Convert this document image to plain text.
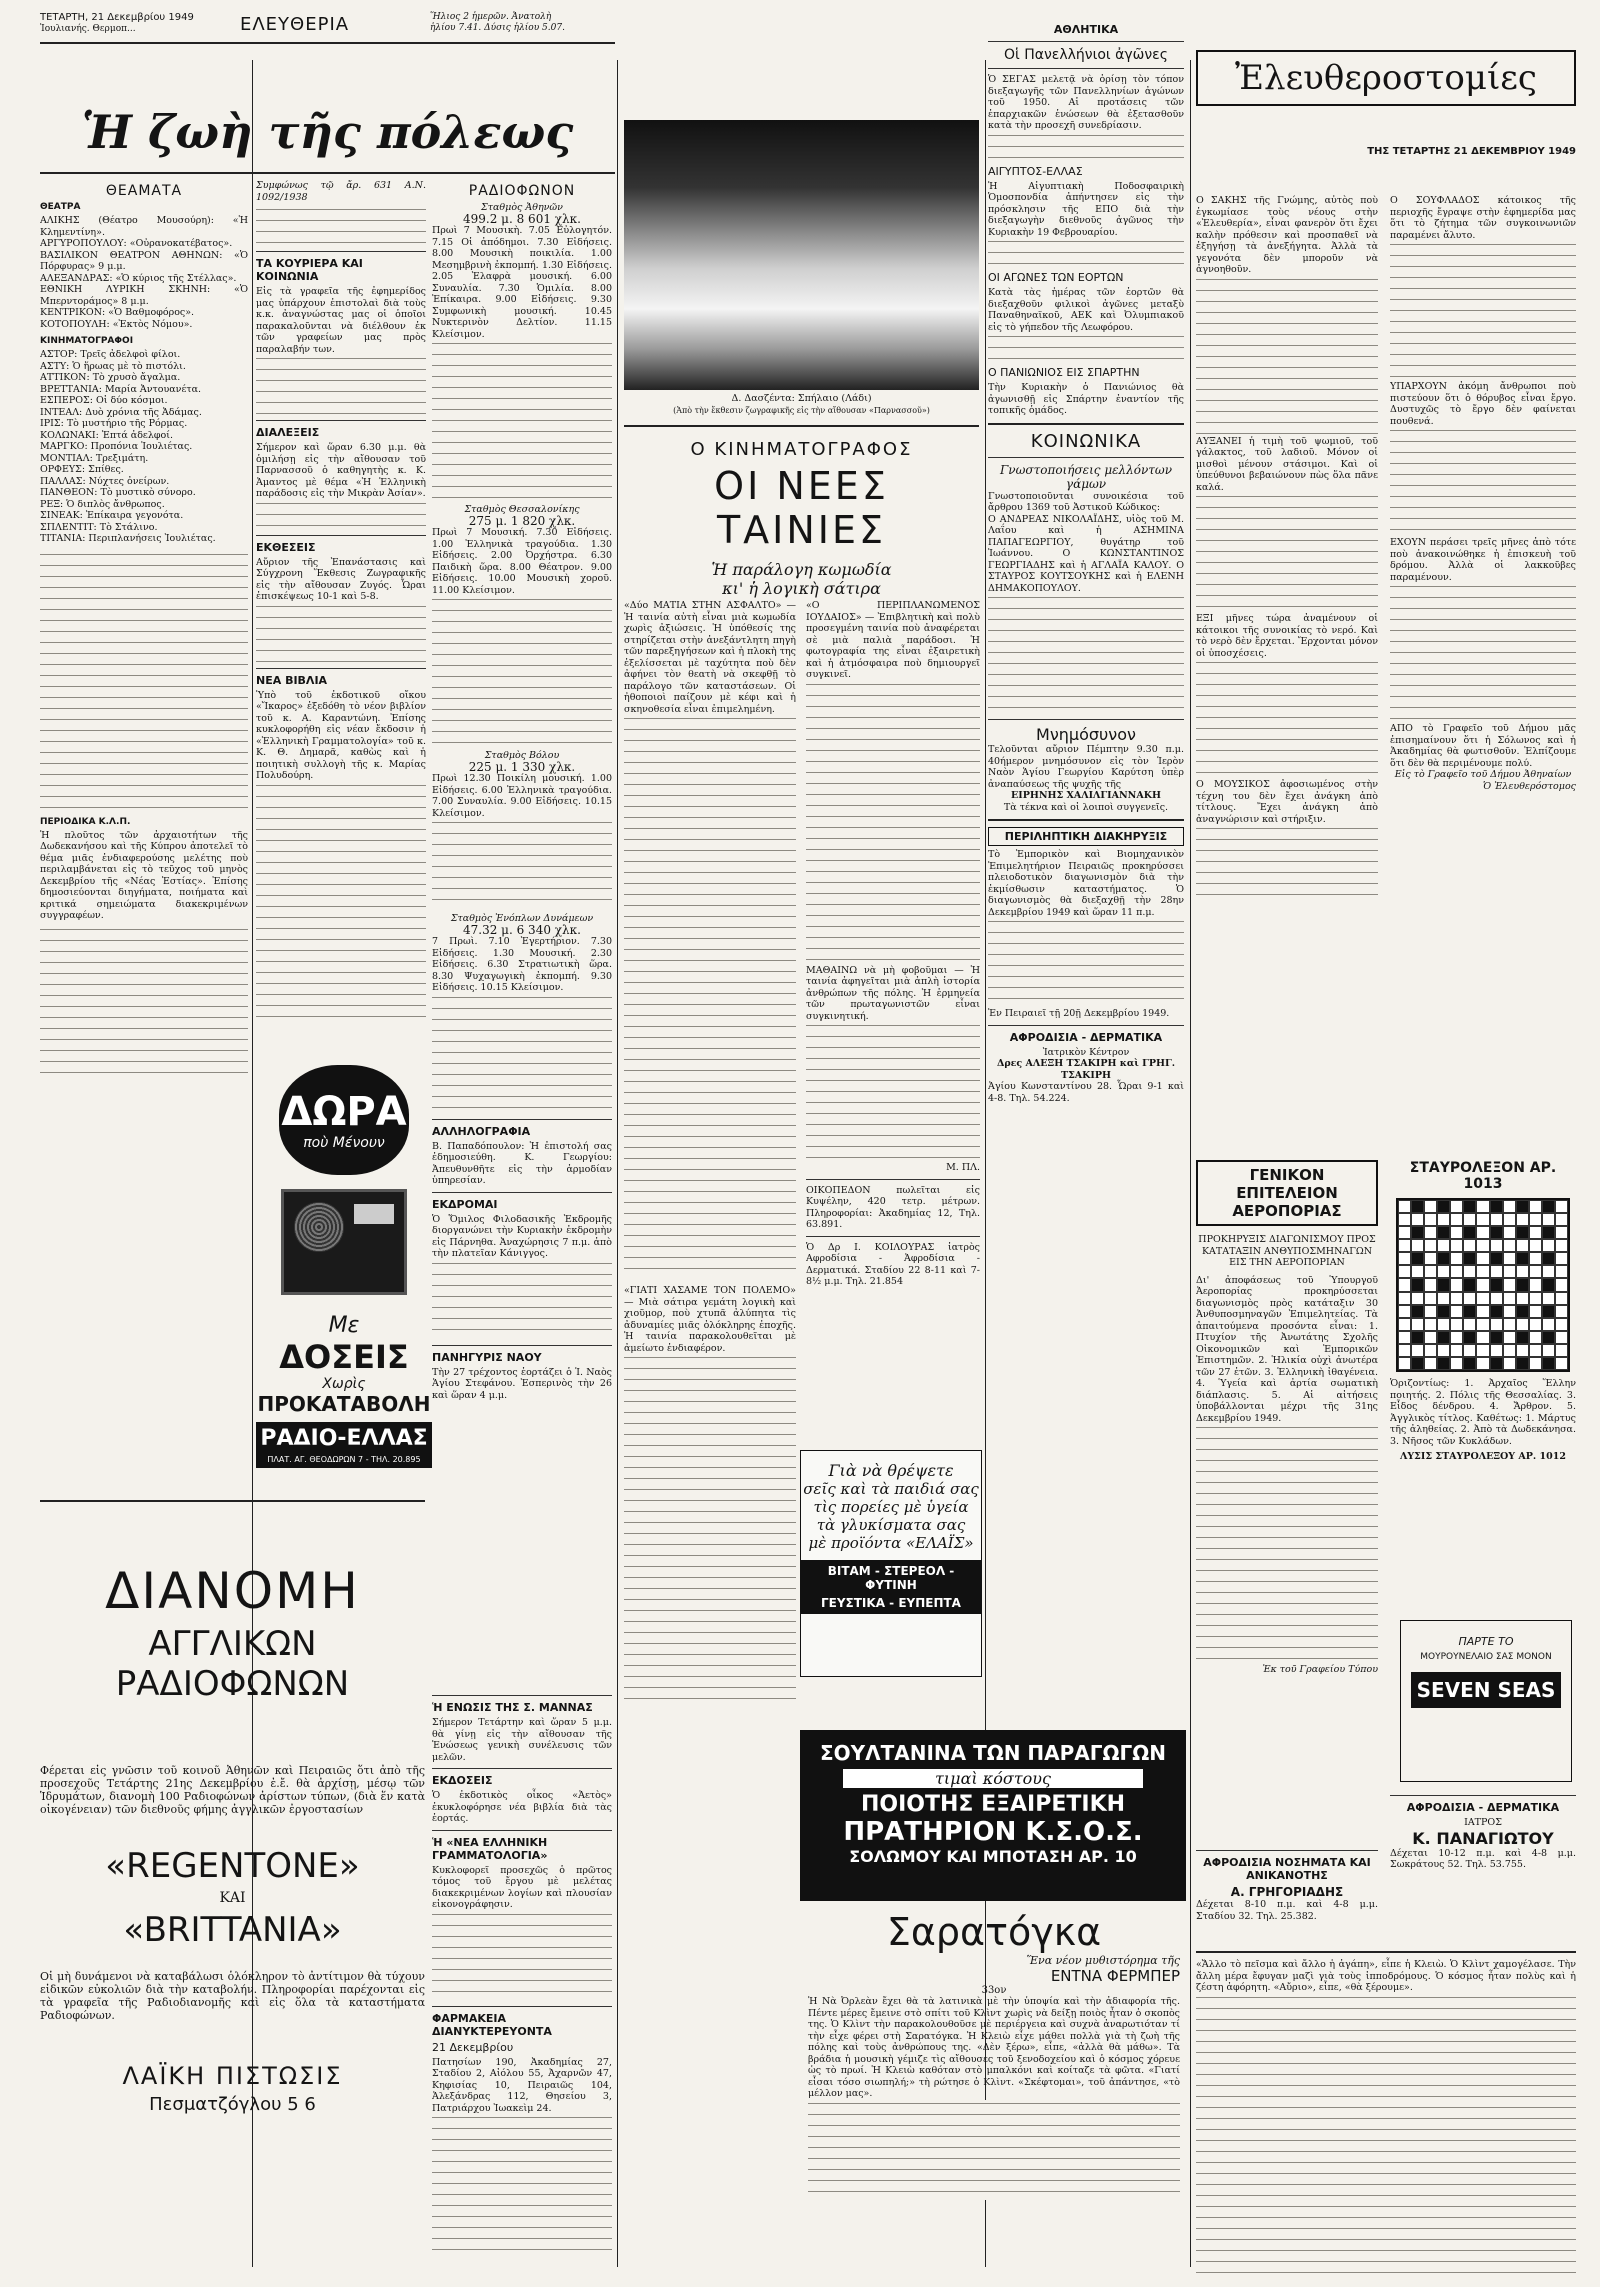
ΤΕΤΑΡΤΗ, 21 Δεκεμβρίου 1949
Ἰουλιανής. Θερμοπ...	ΕΛΕΥΘΕΡΙΑ	Ἥλιος 2 ἡμερῶν. Ἀνατολὴ
ἡλίου 7.41. Δύσις ἡλίου 5.07.
Ἡ ζωὴ τῆς πόλεως
ΘΕΑΜΑΤΑ
ΘΕΑΤΡΑ

ΑΛΙΚΗΣ (Θέατρο Μουσούρη): «Ἡ Κλημεντίνη».

ΑΡΓΥΡΟΠΟΥΛΟΥ: «Οὐρανοκατέβατος».

ΒΑΣΙΛΙΚΟΝ ΘΕΑΤΡΟΝ ΑΘΗΝΩΝ: «Ὁ Πόρφυρας» 9 μ.μ.

ΑΛΕΞΑΝΔΡΑΣ: «Ὁ κύριος τῆς Στέλλας».

ΕΘΝΙΚΗ ΛΥΡΙΚΗ ΣΚΗΝΗ: «Ὁ Μπερντοράμος» 8 μ.μ.

ΚΕΝΤΡΙΚΟΝ: «Ὁ Βαθμοφόρος».

ΚΟΤΟΠΟΥΛΗ: «Ἐκτὸς Νόμου».

ΚΙΝΗΜΑΤΟΓΡΑΦΟΙ

ΑΣΤΟΡ: Τρεῖς ἀδελφοὶ φίλοι.

ΑΣΤΥ: Ὁ ἥρωας μὲ τὸ πιστόλι.

ΑΤΤΙΚΟΝ: Τὸ χρυσὸ ἄγαλμα.

ΒΡΕΤΤΑΝΙΑ: Μαρία Ἀντουανέτα.

ΕΣΠΕΡΟΣ: Οἱ δύο κόσμοι.

ΙΝΤΕΑΛ: Δυὸ χρόνια τῆς Ἀδάμας.

ΙΡΙΣ: Τὸ μυστήριο τῆς Ρόρμας.

ΚΟΛΩΝΑΚΙ: Ἑπτά ἀδελφοί.

ΜΑΡΓΚΟ: Προπόνια Ἰουλιέτας.

ΜΟΝΤΙΑΛ: Τρεξιμάτη.

ΟΡΦΕΥΣ: Σπίθες.

ΠΑΛΛΑΣ: Νύχτες ὀνείρων.

ΠΑΝΘΕΟΝ: Τὸ μυστικὸ σύνορο.

ΡΕΞ: Ὁ διπλὸς ἄνθρωπος.

ΣΙΝΕΑΚ: Ἐπίκαιρα γεγονότα.

ΣΠΛΕΝΤΙΤ: Τὸ Στάλινο.

ΤΙΤΑΝΙΑ: Περιπλανήσεις Ἰουλιέτας.

ΠΕΡΙΟΔΙΚΑ Κ.Λ.Π.

Ἡ πλοῦτος τῶν ἀρχαιοτήτων τῆς Δωδεκανήσου καὶ τῆς Κύπρου ἀποτελεῖ τὸ θέμα μιᾶς ἐνδιαφερούσης μελέτης ποὺ περιλαμβάνεται εἰς τὸ τεῦχος τοῦ μηνὸς Δεκεμβρίου τῆς «Νέας Ἑστίας». Ἐπίσης δημοσιεύονται διηγήματα, ποιήματα καὶ κριτικά σημειώματα διακεκριμένων συγγραφέων.

Συμφώνως τῷ ἄρ. 631 Α.Ν. 1092/1938

ΤΑ ΚΟΥΡΙΕΡΑ ΚΑΙ ΚΟΙΝΩΝΙΑ

Εἰς τὰ γραφεῖα τῆς ἐφημερίδος μας ὑπάρχουν ἐπιστολαὶ διὰ τοὺς κ.κ. ἀναγνώστας μας οἱ ὁποῖοι παρακαλοῦνται νὰ διέλθουν ἐκ τῶν γραφείων μας πρὸς παραλαβήν των.

ΔΙΑΛΕΞΕΙΣ

Σήμερον καὶ ὥραν 6.30 μ.μ. θὰ ὁμιλήσῃ εἰς τὴν αἴθουσαν τοῦ Παρνασσοῦ ὁ καθηγητὴς κ. Κ. Ἀμαντος μὲ θέμα «Ἡ Ἑλληνικὴ παράδοσις εἰς τὴν Μικρὰν Ἀσίαν».

ΕΚΘΕΣΕΙΣ

Αὔριον τῆς Ἐπανάστασις καὶ Σύγχρονη Ἕκθεσις Ζωγραφικῆς εἰς τὴν αἴθουσαν Ζυγός. Ὧραι ἐπισκέψεως 10-1 καὶ 5-8.

ΝΕΑ ΒΙΒΛΙΑ

Ὑπὸ τοῦ ἐκδοτικοῦ οἴκου «Ἴκαρος» ἐξεδόθη τὸ νέον βιβλίον τοῦ κ. Α. Καραντώνη. Ἐπίσης κυκλοφορήθη εἰς νέαν ἔκδοσιν ἡ «Ἑλληνικὴ Γραμματολογία» τοῦ κ. Κ. Θ. Δημαρᾶ, καθὼς καὶ ἡ ποιητικὴ συλλογὴ τῆς κ. Μαρίας Πολυδούρη.

ΔΩΡΑ
ποὺ Μένουν
Με
ΔΟΣΕΙΣ
Χωρὶς
ΠΡΟΚΑΤΑΒΟΛΗ
ΡΑΔΙΟ-ΕΛΛΑΣ
ΠΛΑΤ. ΑΓ. ΘΕΟΔΩΡΩΝ 7 - ΤΗΛ. 20.895
ΡΑΔΙΟΦΩΝΟΝ
Σταθμὸς Ἀθηνῶν
499.2 μ. 8 601 χλκ.

Πρωὶ 7 Μουσικὴ. 7.05 Εὐλογητόν. 7.15 Οἱ ἀπόδημοι. 7.30 Εἰδήσεις. 8.00 Μουσικὴ ποικιλία. 1.00 Μεσημβρινὴ ἐκπομπή. 1.30 Εἰδήσεις. 2.05 Ἐλαφρὰ μουσική. 6.00 Συναυλία. 7.30 Ὁμιλία. 8.00 Ἐπίκαιρα. 9.00 Εἰδήσεις. 9.30 Συμφωνικὴ μουσική. 10.45 Νυκτερινὸν Δελτίον. 11.15 Κλείσιμον.

Σταθμὸς Θεσσαλονίκης
275 μ. 1 820 χλκ.

Πρωὶ 7 Μουσική. 7.30 Εἰδήσεις. 1.00 Ἐλληνικὰ τραγούδια. 1.30 Εἰδήσεις. 2.00 Ὀρχήστρα. 6.30 Παιδικὴ ὥρα. 8.00 Θέατρον. 9.00 Εἰδήσεις. 10.00 Μουσικὴ χοροῦ. 11.00 Κλείσιμον.

Σταθμὸς Βόλου
225 μ. 1 330 χλκ.

Πρωὶ 12.30 Ποικίλη μουσική. 1.00 Εἰδήσεις. 6.00 Ἑλληνικὰ τραγούδια. 7.00 Συναυλία. 9.00 Εἰδήσεις. 10.15 Κλείσιμον.

Σταθμὸς Ἐνόπλων Δυνάμεων
47.32 μ. 6 340 χλκ.

7 Πρωὶ. 7.10 Ἐγερτήριον. 7.30 Εἰδήσεις. 1.30 Μουσική. 2.30 Εἰδήσεις. 6.30 Στρατιωτικὴ ὥρα. 8.30 Ψυχαγωγικὴ ἐκπομπή. 9.30 Εἰδήσεις. 10.15 Κλείσιμον.

ΑΛΛΗΛΟΓΡΑΦΙΑ

Β. Παπαδόπουλον: Ἡ ἐπιστολή σας ἐδημοσιεύθη. Κ. Γεωργίου: Ἀπευθυνθῆτε εἰς τὴν ἁρμοδίαν ὑπηρεσίαν.

ΕΚΔΡΟΜΑΙ

Ὁ Ὅμιλος Φιλοδασικῆς Ἐκδρομῆς διοργανώνει τὴν Κυριακὴν ἐκδρομὴν εἰς Πάρνηθα. Ἀναχώρησις 7 π.μ. ἀπὸ τὴν πλατεῖαν Κάνιγγος.

ΠΑΝΗΓΥΡΙΣ ΝΑΟΥ

Τὴν 27 τρέχοντος ἑορτάζει ὁ Ἱ. Ναὸς Ἁγίου Στεφάνου. Ἐσπερινὸς τὴν 26 καὶ ὥραν 4 μ.μ.

Ἡ ΕΝΩΣΙΣ ΤΗΣ Σ. ΜΑΝΝΑΣ

Σήμερον Τετάρτην καὶ ὥραν 5 μ.μ. θὰ γίνῃ εἰς τὴν αἴθουσαν τῆς Ἑνώσεως γενικὴ συνέλευσις τῶν μελῶν.

ΕΚΔΟΣΕΙΣ

Ὁ ἐκδοτικὸς οἶκος «Ἀετὸς» ἐκυκλοφόρησε νέα βιβλία διὰ τὰς ἑορτάς.

Ἡ «ΝΕΑ ΕΛΛΗΝΙΚΗ ΓΡΑΜΜΑΤΟΛΟΓΙΑ»

Κυκλοφορεῖ προσεχῶς ὁ πρῶτος τόμος τοῦ ἔργου μὲ μελέτας διακεκριμένων λογίων καὶ πλουσίαν εἰκονογράφησιν.

ΦΑΡΜΑΚΕΙΑ ΔΙΑΝΥΚΤΕΡΕΥΟΝΤΑ
21 Δεκεμβρίου

Πατησίων 190, Ἀκαδημίας 27, Σταδίου 2, Αἰόλου 55, Ἀχαρνῶν 47, Κηφισίας 10, Πειραιῶς 104, Ἀλεξάνδρας 112, Θησείου 3, Πατριάρχου Ἰωακεὶμ 24.

ΔΙΑΝΟΜΗ
ΑΓΓΛΙΚΩΝ ΡΑΔΙΟΦΩΝΩΝ

Φέρεται εἰς γνῶσιν τοῦ κοινοῦ Ἀθηνῶν καὶ Πειραιῶς ὅτι ἀπὸ τῆς προσεχοῦς Τετάρτης 21ης Δεκεμβρίου ἐ.ἔ. θὰ ἀρχίσῃ, μέσῳ τῶν Ἱδρυμάτων, διανομὴ 100 Ραδιοφώνων ἀρίστων τύπων, (διὰ ἕν κατὰ οἰκογένειαν) τῶν διεθνοῦς φήμης ἀγγλικῶν ἐργοστασίων

«REGENTONE»
ΚΑΙ
«BRITTANIA»

Οἱ μὴ δυνάμενοι νὰ καταβάλωσι ὁλόκληρον τὸ ἀντίτιμον θὰ τύχουν εἰδικῶν εὐκολιῶν διὰ τὴν καταβολήν. Πληροφορίαι παρέχονται εἰς τὰ γραφεῖα τῆς Ραδιοδιανομῆς καὶ εἰς ὅλα τὰ καταστήματα Ραδιοφώνων.

ΛΑΪΚΗ ΠΙΣΤΩΣΙΣ
Πεσματζόγλου 5 6
Δ. Δασζέντα: Σπήλαιο (Λάδι)
(Ἀπὸ τὴν ἔκθεσιν ζωγραφικῆς εἰς τὴν αἴθουσαν «Παρνασσοῦ»)
Ο ΚΙΝΗΜΑΤΟΓΡΑΦΟΣ
ΟΙ ΝΕΕΣ ΤΑΙΝΙΕΣ
Ἡ παράλογη κωμωδία
κι' ἡ λογικὴ σάτιρα

«Δύο ΜΑΤΙΑ ΣΤΗΝ ΑΣΦΑΛΤΟ» — Ἡ ταινία αὐτὴ εἶναι μιὰ κωμωδία χωρὶς ἀξιώσεις. Ἡ ὑπόθεσίς της στηρίζεται στὴν ἀνεξάντλητη πηγὴ τῶν παρεξηγήσεων καὶ ἡ πλοκὴ της ἐξελίσσεται μὲ ταχύτητα ποὺ δὲν ἀφήνει τὸν θεατὴ νὰ σκεφθῇ τὸ παράλογο τῶν καταστάσεων. Οἱ ἠθοποιοὶ παίζουν μὲ κέφι καὶ ἡ σκηνοθεσία εἶναι ἐπιμελημένη.

«Ο ΠΕΡΙΠΛΑΝΩΜΕΝΟΣ ΙΟΥΔΑΙΟΣ» — Ἐπιβλητικὴ καὶ πολὺ προσεγμένη ταινία ποὺ ἀναφέρεται σὲ μιὰ παλιὰ παράδοσι. Ἡ φωτογραφία της εἶναι ἐξαιρετικὴ καὶ ἡ ἀτμόσφαιρα ποὺ δημιουργεῖ συγκινεῖ.

ΜΑΘΑΙΝΩ νὰ μὴ φοβοῦμαι — Ἡ ταινία ἀφηγεῖται μιὰ ἁπλὴ ἱστορία ἀνθρώπων τῆς πόλης. Ἡ ἑρμηνεία τῶν πρωταγωνιστῶν εἶναι συγκινητική.

Μ. ΠΛ.

ΟΙΚΟΠΕΔΟΝ πωλεῖται εἰς Κυψέλην, 420 τετρ. μέτρων. Πληροφορίαι: Ἀκαδημίας 12, Τηλ. 63.891.

Ὁ Δρ Ι. ΚΟΙΛΟΥΡΑΣ ἰατρὸς Αφροδίσια - Ἀφροδίσια - Δερματικά. Σταδίου 22 8-11 καὶ 7-8½ μ.μ. Τηλ. 21.854

«ΓΙΑΤΙ ΧΑΣΑΜΕ ΤΟΝ ΠΟΛΕΜΟ» — Μιὰ σάτιρα γεμάτη λογικὴ καὶ χιοῦμορ, ποὺ χτυπᾶ ἀλύπητα τὶς ἀδυναμίες μιᾶς ὁλόκληρης ἐποχῆς. Ἡ ταινία παρακολουθεῖται μὲ ἀμείωτο ἐνδιαφέρον.

Γιὰ νὰ θρέψετε
σεῖς καὶ τὰ παιδιά σας
τὶς πορείες μὲ ὑγεία
τὰ γλυκίσματα σας
μὲ προϊόντα «ΕΛΑΪΣ»
ΒΙΤΑΜ - ΣΤΕΡΕΟΛ - ΦΥΤΙΝΗ
ΓΕΥΣΤΙΚΑ - ΕΥΠΕΠΤΑ
ΣΟΥΛΤΑΝΙΝΑ ΤΩΝ ΠΑΡΑΓΩΓΩΝ
τιμαὶ κόστους
ΠΟΙΟΤΗΣ ΕΞΑΙΡΕΤΙΚΗ
ΠΡΑΤΗΡΙΟΝ Κ.Σ.Ο.Σ.
ΣΟΛΩΜΟΥ ΚΑΙ ΜΠΟΤΑΣΗ ΑΡ. 10
Σαρατόγκα
Ἕνα νέον μυθιστόρημα τῆς
ΕΝΤΝΑ ΦΕΡΜΠΕΡ
33ον

Ἡ Νὰ Ὀρλεὰν ἔχει θὰ τὰ λατινικὰ μὲ τὴν ὑποψία καὶ τὴν ἀδιαφορία τῆς. Πέντε μέρες ἔμεινε στὸ σπίτι τοῦ Κλὶντ χωρὶς νὰ δείξῃ ποιὸς ἦταν ὁ σκοπὸς της. Ὁ Κλὶντ τὴν παρακολουθοῦσε μὲ περιέργεια καὶ συχνὰ ἀναρωτιόταν τί τὴν εἶχε φέρει στὴ Σαρατόγκα. Ἡ Κλειὼ εἶχε μάθει πολλὰ γιὰ τὴ ζωὴ τῆς πόλης καὶ τοὺς ἀνθρώπους της. «Δὲν ξέρω», εἶπε, «ἀλλὰ θὰ μάθω». Τὰ βράδια ἡ μουσικὴ γέμιζε τὶς αἴθουσες τοῦ ξενοδοχείου καὶ ὁ κόσμος χόρευε ὡς τὸ πρωί. Ἡ Κλειὼ καθόταν στὸ μπαλκόνι καὶ κοίταζε τὰ φῶτα. «Γιατί εἶσαι τόσο σιωπηλή;» τὴ ρώτησε ὁ Κλὶντ. «Σκέφτομαι», τοῦ ἀπάντησε, «τὸ μέλλον μας».

ΑΘΛΗΤΙΚΑ
Οἱ Πανελλήνιοι ἀγῶνες

Ὁ ΣΕΓΑΣ μελετᾷ νὰ ὁρίσῃ τὸν τόπον διεξαγωγῆς τῶν Πανελληνίων ἀγώνων τοῦ 1950. Αἱ προτάσεις τῶν ἐπαρχιακῶν ἑνώσεων θὰ ἐξετασθοῦν κατὰ τὴν προσεχῆ συνεδρίασιν.

ΑΙΓΥΠΤΟΣ-ΕΛΛΑΣ

Ἡ Αἰγυπτιακὴ Ποδοσφαιρικὴ Ὁμοσπονδία ἀπήντησεν εἰς τὴν πρόσκλησιν τῆς ΕΠΟ διὰ τὴν διεξαγωγὴν διεθνοῦς ἀγῶνος τὴν Κυριακὴν 19 Φεβρουαρίου.

ΟΙ ΑΓΩΝΕΣ ΤΩΝ ΕΟΡΤΩΝ

Κατὰ τὰς ἡμέρας τῶν ἑορτῶν θὰ διεξαχθοῦν φιλικοὶ ἀγῶνες μεταξὺ Παναθηναϊκοῦ, ΑΕΚ καὶ Ὀλυμπιακοῦ εἰς τὸ γήπεδον τῆς Λεωφόρου.

Ο ΠΑΝΙΩΝΙΟΣ ΕΙΣ ΣΠΑΡΤΗΝ

Τὴν Κυριακὴν ὁ Πανιώνιος θὰ ἀγωνισθῇ εἰς Σπάρτην ἐναντίον τῆς τοπικῆς ὁμάδος.

ΚΟΙΝΩΝΙΚΑ
Γνωστοποιήσεις μελλόντων γάμων

Γνωστοποιοῦνται συνοικέσια τοῦ ἄρθρου 1369 τοῦ Ἀστικοῦ Κώδικος:

Ο ΑΝΔΡΕΑΣ ΝΙΚΟΛΑΪΔΗΣ, υἱὸς τοῦ Μ. Λαΐου καὶ ἡ ΑΣΗΜΙΝΑ ΠΑΠΑΓΕΩΡΓΙΟΥ, θυγάτηρ τοῦ Ἰωάννου. Ο ΚΩΝΣΤΑΝΤΙΝΟΣ ΓΕΩΡΓΙΑΔΗΣ καὶ ἡ ΑΓΛΑΪΑ ΚΑΛΟΥ. Ο ΣΤΑΥΡΟΣ ΚΟΥΤΣΟΥΚΗΣ καὶ ἡ ΕΛΕΝΗ ΔΗΜΑΚΟΠΟΥΛΟΥ.

Μνημόσυνον

Τελοῦνται αὔριον Πέμπτην 9.30 π.μ. 40ήμερον μνημόσυνον εἰς τὸν Ἱερὸν Ναὸν Ἁγίου Γεωργίου Καρύτση ὑπὲρ ἀναπαύσεως τῆς ψυχῆς τῆς

ΕΙΡΗΝΗΣ ΧΑΛΙΛΓΙΑΝΝΑΚΗ
Τὰ τέκνα καὶ οἱ λοιποὶ συγγενεῖς.
ΠΕΡΙΛΗΠΤΙΚΗ ΔΙΑΚΗΡΥΞΙΣ

Τὸ Ἐμπορικὸν καὶ Βιομηχανικὸν Ἐπιμελητήριον Πειραιῶς προκηρύσσει πλειοδοτικὸν διαγωνισμὸν διὰ τὴν ἐκμίσθωσιν καταστήματος. Ὁ διαγωνισμὸς θὰ διεξαχθῇ τὴν 28ην Δεκεμβρίου 1949 καὶ ὥραν 11 π.μ.

Ἐν Πειραιεῖ τῇ 20ῇ Δεκεμβρίου 1949.

ΑΦΡΟΔΙΣΙΑ - ΔΕΡΜΑΤΙΚΑ
Ἰατρικὸν Κέντρον
Δρες ΑΛΕΞΗ ΤΣΑΚΙΡΗ καὶ ΓΡΗΓ. ΤΣΑΚΙΡΗ

Ἀγίου Κωνσταντίνου 28. Ὧραι 9-1 καὶ 4-8. Τηλ. 54.224.

Ἐλευθεροστομίες
ΤΗΣ ΤΕΤΑΡΤΗΣ 21 ΔΕΚΕΜΒΡΙΟΥ 1949

Ο ΣΑΚΗΣ τῆς Γνώμης, αὐτὸς ποὺ ἐγκωμίασε τοὺς νέους στὴν «Ἐλευθερία», εἶναι φανερὸν ὅτι ἔχει καλὴν πρόθεσιν καὶ προσπαθεῖ νὰ ἐξηγήσῃ τὰ ἀνεξήγητα. Ἀλλὰ τὰ γεγονότα δὲν μποροῦν νὰ ἀγνοηθοῦν.

ΑΥΞΑΝΕΙ ἡ τιμὴ τοῦ ψωμιοῦ, τοῦ γάλακτος, τοῦ λαδιοῦ. Μόνον οἱ μισθοὶ μένουν στάσιμοι. Καὶ οἱ ὑπεύθυνοι βεβαιώνουν πὼς ὅλα πᾶνε καλά.

ΕΞΙ μῆνες τώρα ἀναμένουν οἱ κάτοικοι τῆς συνοικίας τὸ νερό. Καὶ τὸ νερὸ δὲν ἔρχεται. Ἔρχονται μόνον οἱ ὑποσχέσεις.

Ο ΜΟΥΣΙΚΟΣ ἀφοσιωμένος στὴν τέχνη του δὲν ἔχει ἀνάγκη ἀπὸ τίτλους. Ἔχει ἀνάγκη ἀπὸ ἀναγνώρισιν καὶ στήριξιν.

Ο ΣΟΥΦΛΑΔΟΣ κάτοικος τῆς περιοχῆς ἔγραψε στὴν ἐφημερίδα μας ὅτι τὸ ζήτημα τῶν συγκοινωνιῶν παραμένει ἄλυτο.

ΥΠΑΡΧΟΥΝ ἀκόμη ἄνθρωποι ποὺ πιστεύουν ὅτι ὁ θόρυβος εἶναι ἔργο. Δυστυχῶς τὸ ἔργο δὲν φαίνεται πουθενά.

ΕΧΟΥΝ περάσει τρεῖς μῆνες ἀπὸ τότε ποὺ ἀνακοινώθηκε ἡ ἐπισκευὴ τοῦ δρόμου. Ἀλλὰ οἱ λακκοῦβες παραμένουν.

ΑΠΟ τὸ Γραφεῖο τοῦ Δήμου μᾶς ἐπισημαίνουν ὅτι ἡ Σόλωνος καὶ ἡ Ἀκαδημίας θὰ φωτισθοῦν. Ἐλπίζουμε ὅτι δὲν θὰ περιμένουμε πολύ.

Εἰς τὸ Γραφεῖο τοῦ Δήμου Ἀθηναίων
Ὁ Ἐλευθερόστομος
ΓΕΝΙΚΟΝ ΕΠΙΤΕΛΕΙΟΝ
ΑΕΡΟΠΟΡΙΑΣ
ΠΡΟΚΗΡΥΞΙΣ ΔΙΑΓΩΝΙΣΜΟΥ ΠΡΟΣ ΚΑΤΑΤΑΞΙΝ ΑΝΘΥΠΟΣΜΗΝΑΓΩΝ ΕΙΣ ΤΗΝ ΑΕΡΟΠΟΡΙΑΝ

Δι' ἀποφάσεως τοῦ Ὑπουργοῦ Ἀεροπορίας προκηρύσσεται διαγωνισμὸς πρὸς κατάταξιν 30 Ἀνθυποσμηναγῶν Ἐπιμελητείας. Τὰ ἀπαιτούμενα προσόντα εἶναι: 1. Πτυχίον τῆς Ἀνωτάτης Σχολῆς Οἰκονομικῶν καὶ Ἐμπορικῶν Ἐπιστημῶν. 2. Ἡλικία οὐχὶ ἀνωτέρα τῶν 27 ἐτῶν. 3. Ἑλληνικὴ ἰθαγένεια. 4. Ὑγεία καὶ ἀρτία σωματικὴ διάπλασις. 5. Αἱ αἰτήσεις ὑποβάλλονται μέχρι τῆς 31ης Δεκεμβρίου 1949.

Ἐκ τοῦ Γραφείου Τύπου
ΣΤΑΥΡΟΛΕΞΟΝ ΑΡ. 1013

Ὁριζοντίως: 1. Ἀρχαῖος Ἕλλην ποιητής. 2. Πόλις τῆς Θεσσαλίας. 3. Εἶδος δένδρου. 4. Ἄρθρον. 5. Ἀγγλικὸς τίτλος. Καθέτως: 1. Μάρτυς τῆς ἀληθείας. 2. Ἀπὸ τὰ Δωδεκάνησα. 3. Νῆσος τῶν Κυκλάδων.

ΛΥΣΙΣ ΣΤΑΥΡΟΛΕΞΟΥ ΑΡ. 1012
ΠΑΡΤΕ ΤΟ
ΜΟΥΡΟΥΝΕΛΑΙΟ ΣΑΣ ΜΟΝΟΝ
SEVEN SEAS
ΑΦΡΟΔΙΣΙΑ - ΔΕΡΜΑΤΙΚΑ
ΙΑΤΡΟΣ
Κ. ΠΑΝΑΓΙΩΤΟΥ

Δέχεται 10-12 π.μ. καὶ 4-8 μ.μ. Σωκράτους 52. Τηλ. 53.755.

ΑΦΡΟΔΙΣΙΑ ΝΟΣΗΜΑΤΑ ΚΑΙ ΑΝΙΚΑΝΟΤΗΣ
Α. ΓΡΗΓΟΡΙΑΔΗΣ

Δέχεται 8-10 π.μ. καὶ 4-8 μ.μ. Σταδίου 32. Τηλ. 25.382.

«Ἄλλο τὸ πεῖσμα καὶ ἄλλο ἡ ἀγάπη», εἶπε ἡ Κλειὼ. Ὁ Κλὶντ χαμογέλασε. Τὴν ἄλλη μέρα ἔφυγαν μαζὶ γιὰ τοὺς ἱπποδρόμους. Ὁ κόσμος ἦταν πολὺς καὶ ἡ ζέστη ἀφόρητη. «Αὔριο», εἶπε, «θὰ ξέρουμε».
